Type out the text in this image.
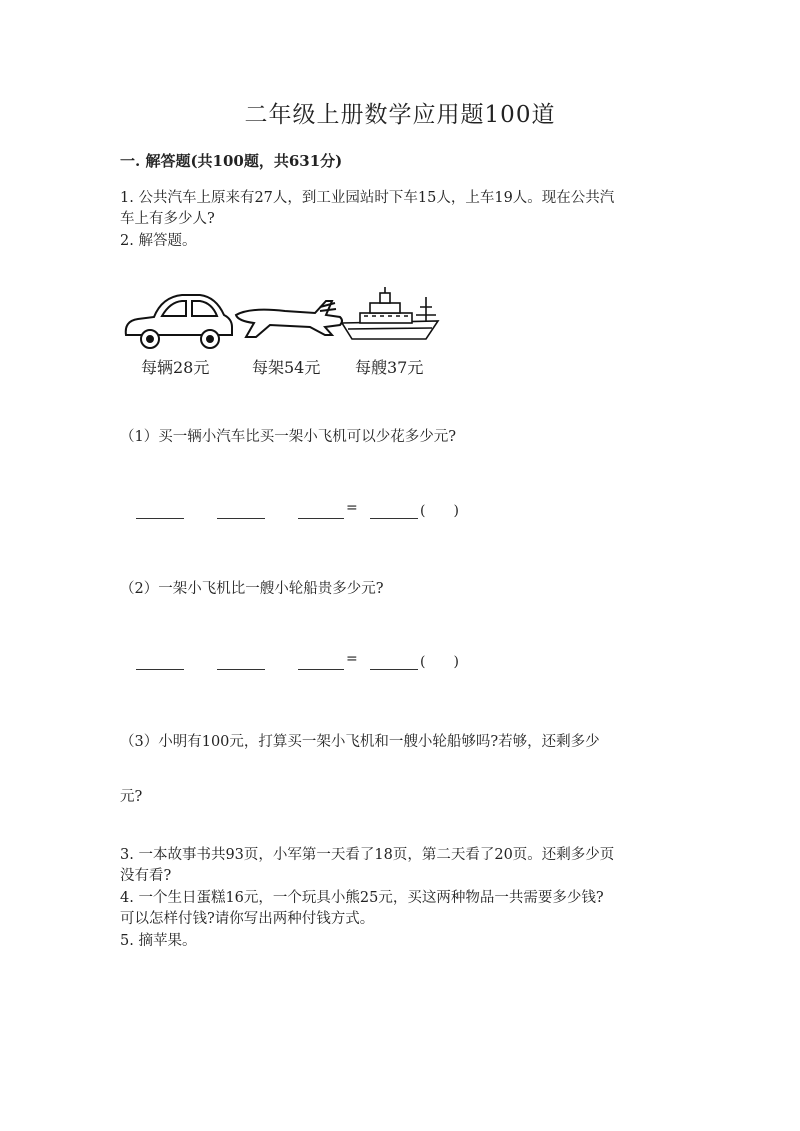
二年级上册数学应用题100道

一. 解答题(共100题，共631分)

1. 公共汽车上原来有27人，到工业园站时下车15人，上车19人。现在公共汽
车上有多少人?

2. 解答题。

每辆28元	每架54元 每艘37元

（1）买一辆小汽车比买一架小飞机可以少花多少元?

=	(　　)

（2）一架小飞机比一艘小轮船贵多少元?

=	(　　)

（3）小明有100元，打算买一架小飞机和一艘小轮船够吗?若够，还剩多少

元?

3. 一本故事书共93页，小军第一天看了18页，第二天看了20页。还剩多少页
没有看?

4. 一个生日蛋糕16元，一个玩具小熊25元，买这两种物品一共需要多少钱?
可以怎样付钱?请你写出两种付钱方式。

5. 摘苹果。
